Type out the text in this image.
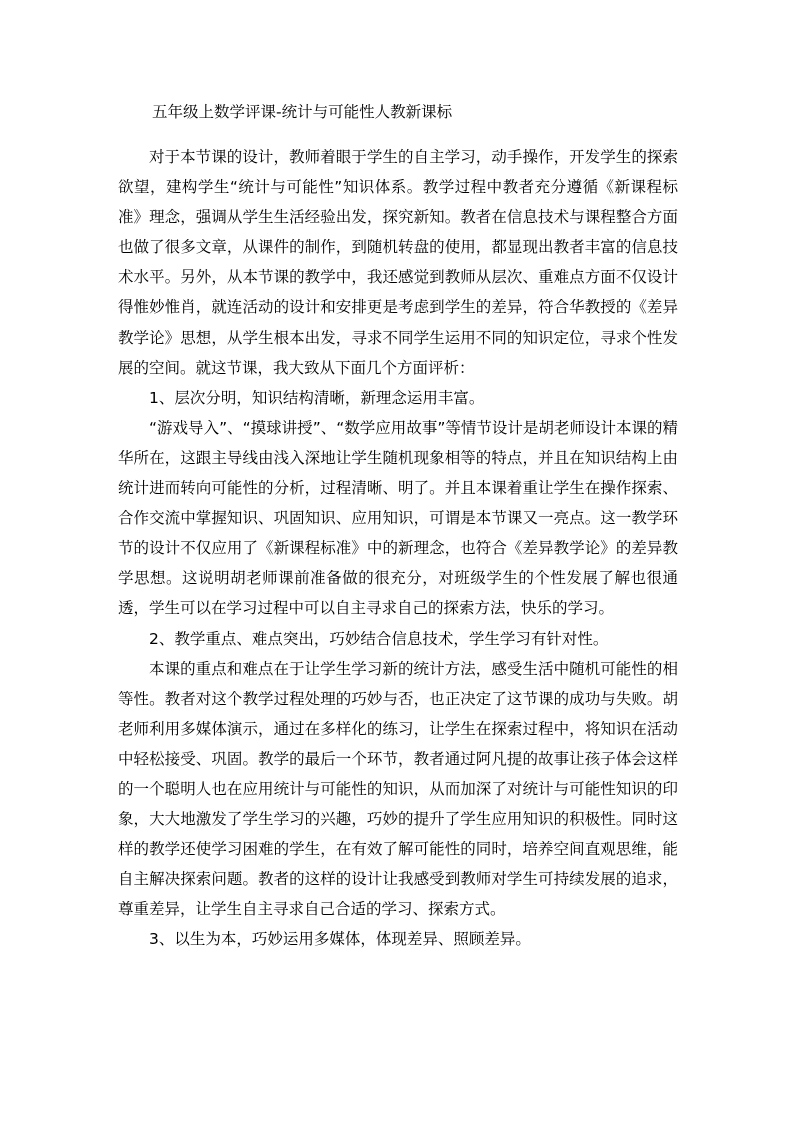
五年级上数学评课-统计与可能性人教新课标

对于本节课的设计，教师着眼于学生的自主学习，动手操作，开发学生的探索欲望，建构学生“统计与可能性”知识体系。教学过程中教者充分遵循《新课程标准》理念，强调从学生生活经验出发，探究新知。教者在信息技术与课程整合方面也做了很多文章，从课件的制作，到随机转盘的使用，都显现出教者丰富的信息技术水平。另外，从本节课的教学中，我还感觉到教师从层次、重难点方面不仅设计得惟妙惟肖，就连活动的设计和安排更是考虑到学生的差异，符合华教授的《差异教学论》思想，从学生根本出发，寻求不同学生运用不同的知识定位，寻求个性发展的空间。就这节课，我大致从下面几个方面评析：

1、层次分明，知识结构清晰，新理念运用丰富。

“游戏导入”、“摸球讲授”、“数学应用故事”等情节设计是胡老师设计本课的精华所在，这跟主导线由浅入深地让学生随机现象相等的特点，并且在知识结构上由统计进而转向可能性的分析，过程清晰、明了。并且本课着重让学生在操作探索、合作交流中掌握知识、巩固知识、应用知识，可谓是本节课又一亮点。这一教学环节的设计不仅应用了《新课程标准》中的新理念，也符合《差异教学论》的差异教学思想。这说明胡老师课前准备做的很充分，对班级学生的个性发展了解也很通透，学生可以在学习过程中可以自主寻求自己的探索方法，快乐的学习。

2、教学重点、难点突出，巧妙结合信息技术，学生学习有针对性。

本课的重点和难点在于让学生学习新的统计方法，感受生活中随机可能性的相等性。教者对这个教学过程处理的巧妙与否，也正决定了这节课的成功与失败。胡老师利用多媒体演示，通过在多样化的练习，让学生在探索过程中，将知识在活动中轻松接受、巩固。教学的最后一个环节，教者通过阿凡提的故事让孩子体会这样的一个聪明人也在应用统计与可能性的知识，从而加深了对统计与可能性知识的印象，大大地激发了学生学习的兴趣，巧妙的提升了学生应用知识的积极性。同时这样的教学还使学习困难的学生，在有效了解可能性的同时，培养空间直观思维，能自主解决探索问题。教者的这样的设计让我感受到教师对学生可持续发展的追求，尊重差异，让学生自主寻求自己合适的学习、探索方式。

3、以生为本，巧妙运用多媒体，体现差异、照顾差异。
